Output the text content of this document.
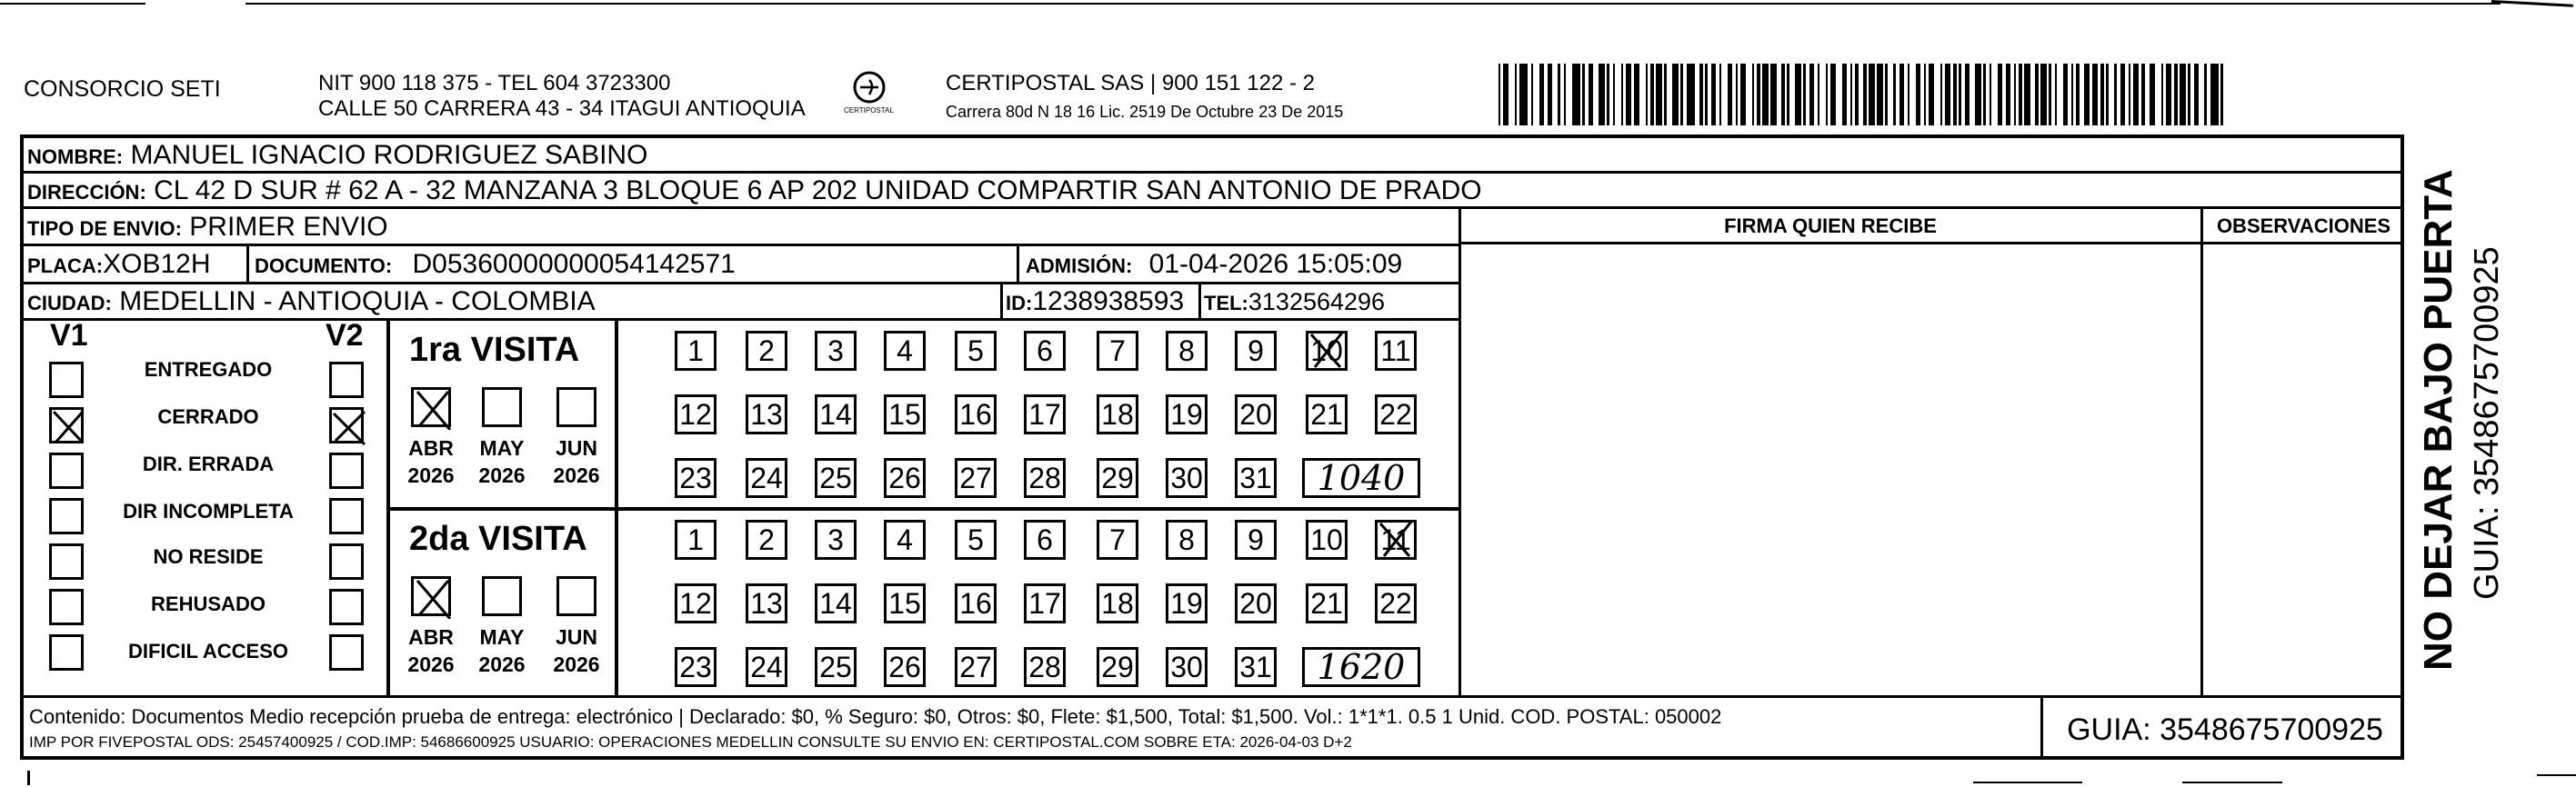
CONSORCIO SETI	NIT 900 118 375 - TEL 604 3723300
CALLE 50 CARRERA 43 - 34 ITAGUI ANTIOQUIA	CERTIPOSTAL
CERTIPOSTAL SAS | 900 151 122 - 2
Carrera 80d N 18 16 Lic. 2519 De Octubre 23 De 2015
NOMBRE: MANUEL IGNACIO RODRIGUEZ SABINO
DIRECCIÓN: CL 42 D SUR # 62 A - 32 MANZANA 3 BLOQUE 6 AP 202 UNIDAD COMPARTIR SAN ANTONIO DE PRADO
TIPO DE ENVIO: PRIMER ENVIO	FIRMA QUIEN RECIBE	OBSERVACIONES
PLACA:XOB12H DOCUMENTO: D05360000000054142571	ADMISIÓN: 01-04-2026 15:05:09
CIUDAD: MEDELLIN - ANTIOQUIA - COLOMBIA	ID:1238938593 TEL:3132564296
V1	V2
ENTREGADO
CERRADO
DIR. ERRADA
DIR INCOMPLETA
NO RESIDE
REHUSADO
DIFICIL ACCESO
1ra VISITA
ABR
2026
MAY
2026
JUN
2026
1 2 3 4 5 6 7 8 9 10 11
12 13 14 15 16 17 18 19 20 21 22
23 24 25 26 27 28 29 30 31	1040
2da VISITA
ABR
2026
MAY
2026
JUN
2026
1 2 3 4 5 6 7 8 9 10 11
12 13 14 15 16 17 18 19 20 21 22
23 24 25 26 27 28 29 30 31	1620
Contenido: Documentos Medio recepción prueba de entrega: electrónico | Declarado: $0, % Seguro: $0, Otros: $0, Flete: $1,500, Total: $1,500. Vol.: 1*1*1. 0.5 1 Unid. COD. POSTAL: 050002
IMP POR FIVEPOSTAL ODS: 25457400925 / COD.IMP: 54686600925 USUARIO: OPERACIONES MEDELLIN CONSULTE SU ENVIO EN: CERTIPOSTAL.COM SOBRE ETA: 2026-04-03 D+2	GUIA: 3548675700925
NO DEJAR BAJO PUERTA GUIA: 3548675700925
